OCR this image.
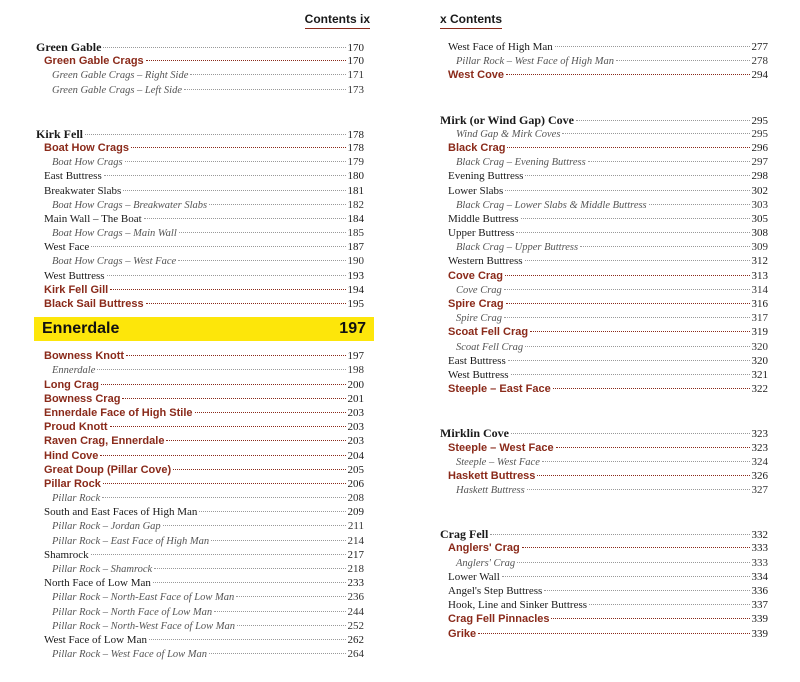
Contents ix
Green Gable	170
Green Gable Crags	170
Green Gable Crags – Right Side	171
Green Gable Crags – Left Side	173
Kirk Fell	178
Boat How Crags	178
Boat How Crags	179
East Buttress	180
Breakwater Slabs	181
Boat How Crags – Breakwater Slabs	182
Main Wall – The Boat	184
Boat How Crags – Main Wall	185
West Face	187
Boat How Crags – West Face	190
West Buttress	193
Kirk Fell Gill	194
Black Sail Buttress	195
Ennerdale	197
Bowness Knott	197
Ennerdale	198
Long Crag	200
Bowness Crag	201
Ennerdale Face of High Stile	203
Proud Knott	203
Raven Crag, Ennerdale	203
Hind Cove	204
Great Doup (Pillar Cove)	205
Pillar Rock	206
Pillar Rock	208
South and East Faces of High Man	209
Pillar Rock – Jordan Gap	211
Pillar Rock – East Face of High Man	214
Shamrock	217
Pillar Rock – Shamrock	218
North Face of Low Man	233
Pillar Rock – North-East Face of Low Man	236
Pillar Rock – North Face of Low Man	244
Pillar Rock – North-West Face of Low Man	252
West Face of Low Man	262
Pillar Rock – West Face of Low Man	264
x Contents
West Face of High Man	277
Pillar Rock – West Face of High Man	278
West Cove	294
Mirk (or Wind Gap) Cove	295
Wind Gap & Mirk Coves	295
Black Crag	296
Black Crag – Evening Buttress	297
Evening Buttress	298
Lower Slabs	302
Black Crag – Lower Slabs & Middle Buttress	303
Middle Buttress	305
Upper Buttress	308
Black Crag – Upper Buttress	309
Western Buttress	312
Cove Crag	313
Cove Crag	314
Spire Crag	316
Spire Crag	317
Scoat Fell Crag	319
Scoat Fell Crag	320
East Buttress	320
West Buttress	321
Steeple – East Face	322
Mirklin Cove	323
Steeple – West Face	323
Steeple – West Face	324
Haskett Buttress	326
Haskett Buttress	327
Crag Fell	332
Anglers' Crag	333
Anglers' Crag	333
Lower Wall	334
Angel's Step Buttress	336
Hook, Line and Sinker Buttress	337
Crag Fell Pinnacles	339
Grike	339
